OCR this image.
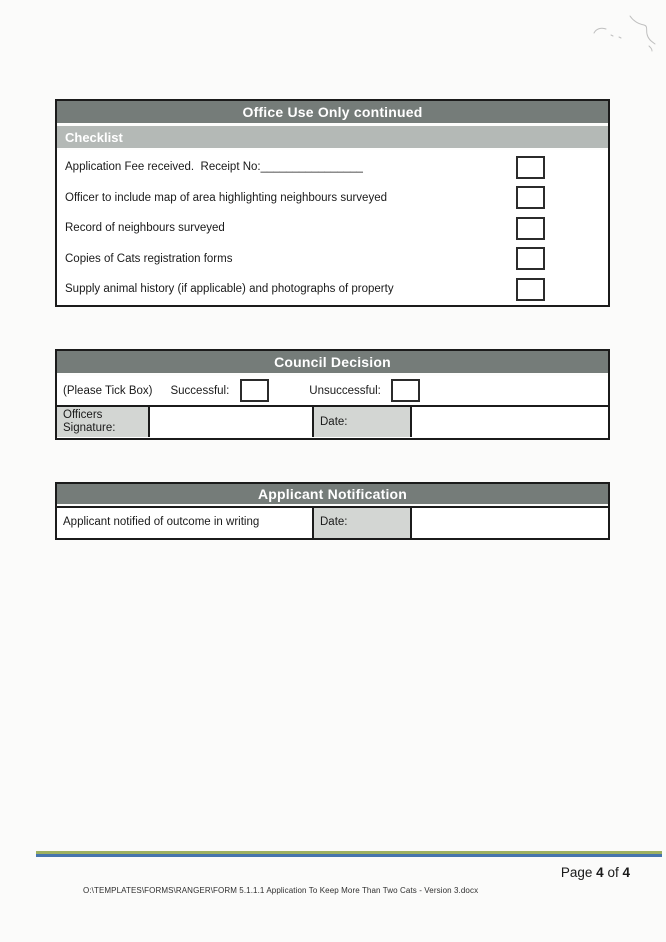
Office Use Only continued
Checklist
Application Fee received.  Receipt No:________________
Officer to include map of area highlighting neighbours surveyed
Record of neighbours surveyed
Copies of Cats registration forms
Supply animal history (if applicable) and photographs of property
Council Decision
(Please Tick Box) Successful:	Unsuccessful:
Officers Signature:
Date:
Applicant Notification
Applicant notified of outcome in writing	Date:
Page 4 of 4
O:\TEMPLATES\FORMS\RANGER\FORM 5.1.1.1 Application To Keep More Than Two Cats - Version 3.docx
